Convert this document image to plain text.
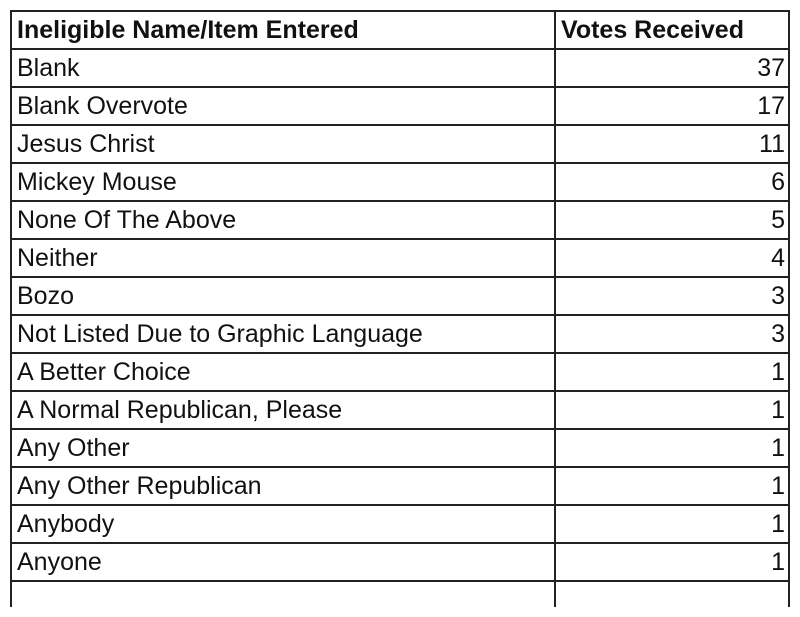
Ineligible Name/Item Entered	Votes Received
Blank	37
Blank Overvote	17
Jesus Christ	11
Mickey Mouse	6
None Of The Above	5
Neither	4
Bozo	3
Not Listed Due to Graphic Language	3
A Better Choice	1
A Normal Republican, Please	1
Any Other	1
Any Other Republican	1
Anybody	1
Anyone	1
